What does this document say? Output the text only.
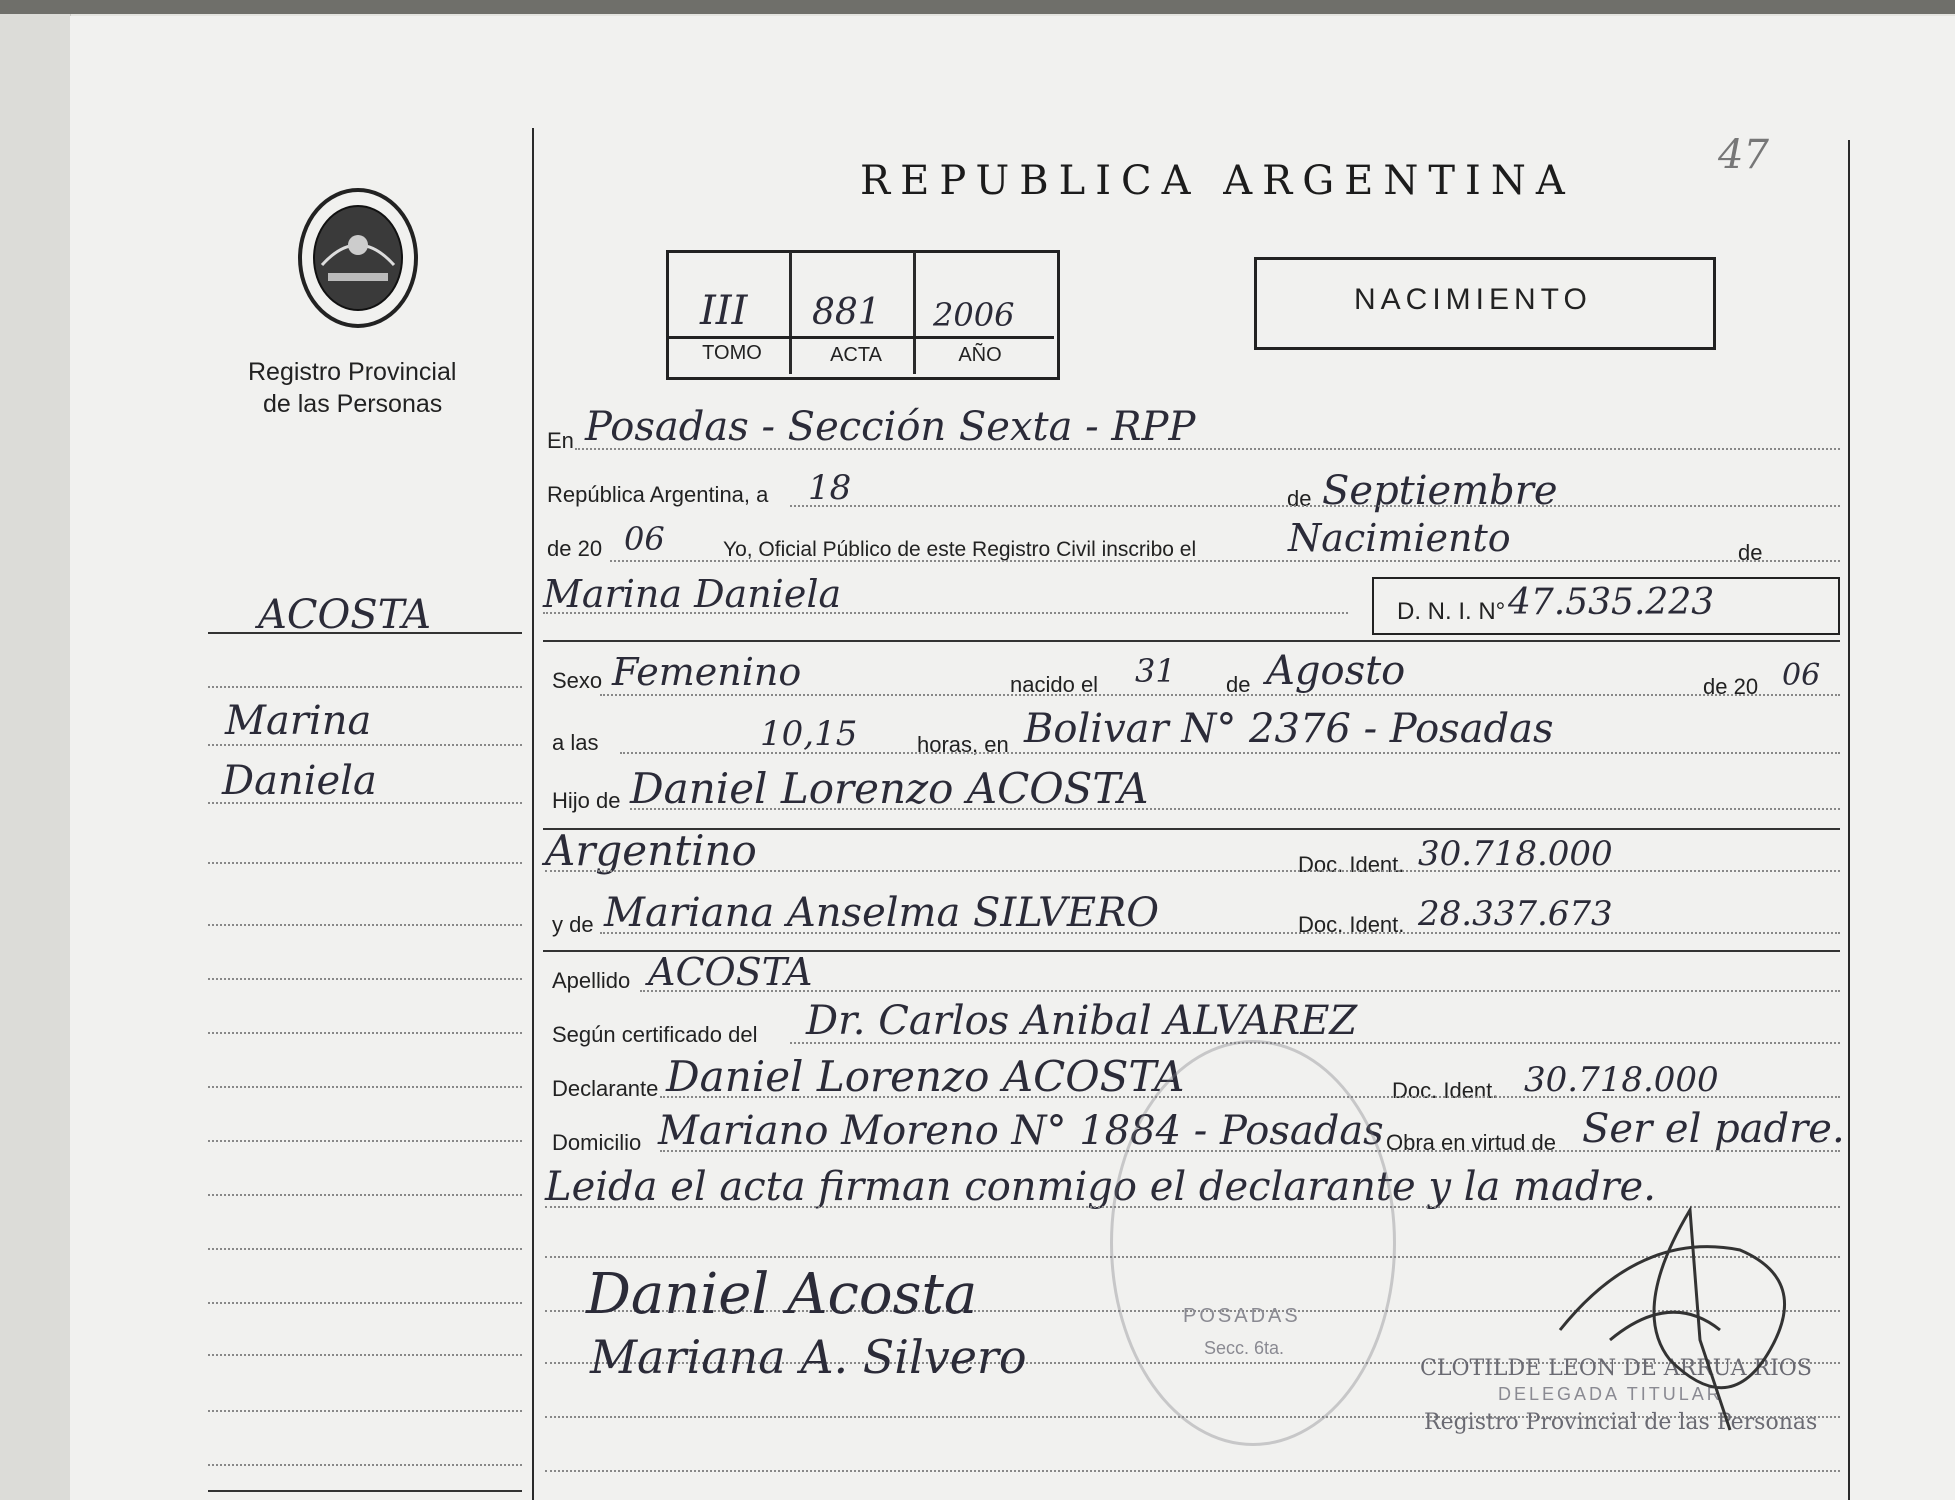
Registro Provincial
de las Personas
REPUBLICA ARGENTINA
47
III 881 2006
TOMO	ACTA	AÑO
NACIMIENTO
ACOSTA
Marina
Daniela
En Posadas - Sección Sexta - RPP
República Argentina, a 18	de Septiembre
de 20 06	Yo, Oficial Público de este Registro Civil inscribo el Nacimiento	de
Marina Daniela	D. N. I. N° 47.535.223
Sexo Femenino	nacido el 31 de Agosto	de 20 06
a las	10,15	horas, en Bolivar N° 2376 - Posadas
Hijo de Daniel Lorenzo ACOSTA
Argentino	Doc. Ident. 30.718.000
y de Mariana Anselma SILVERO	Doc. Ident. 28.337.673
Apellido ACOSTA
Según certificado del Dr. Carlos Anibal ALVAREZ
Declarante Daniel Lorenzo ACOSTA	Doc. Ident. 30.718.000
Domicilio Mariano Moreno N° 1884 - Posadas Obra en virtud de Ser el padre.
Leida el acta firman conmigo el declarante y la madre.
Daniel Acosta
Mariana A. Silvero
POSADAS
Secc. 6ta.
CLOTILDE LEON DE ARRUA RIOS
DELEGADA TITULAR
Registro Provincial de las Personas
